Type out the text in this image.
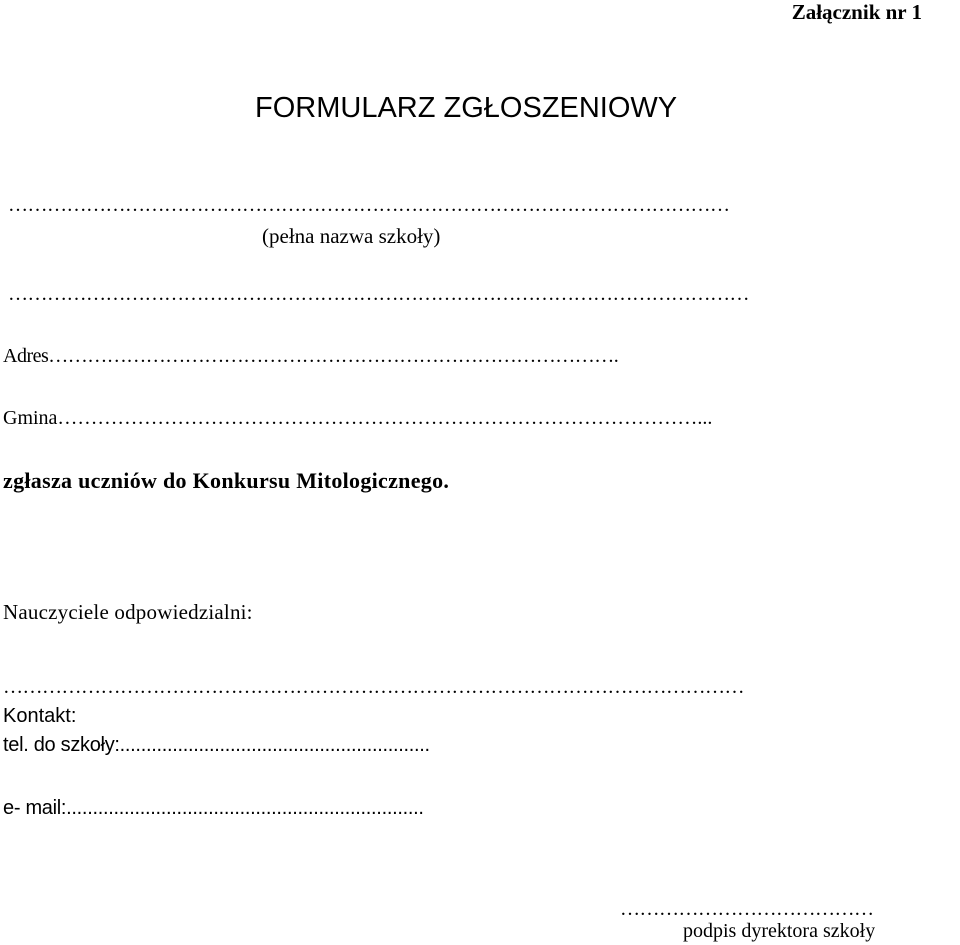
Załącznik nr 1
FORMULARZ ZGŁOSZENIOWY
…………………………………………………………………………………………………
(pełna nazwa szkoły)
……………………………………………………………………………………………………
Adres…………………………………………………………………………….
Gmina……………………………………………………………………………………...
zgłasza uczniów do Konkursu Mitologicznego.
Nauczyciele odpowiedzialni:
……………………………………………………………………………………………………
Kontakt:
tel. do szkoły:...........................................................
e- mail:....................................................................
…………………………………
podpis dyrektora szkoły
